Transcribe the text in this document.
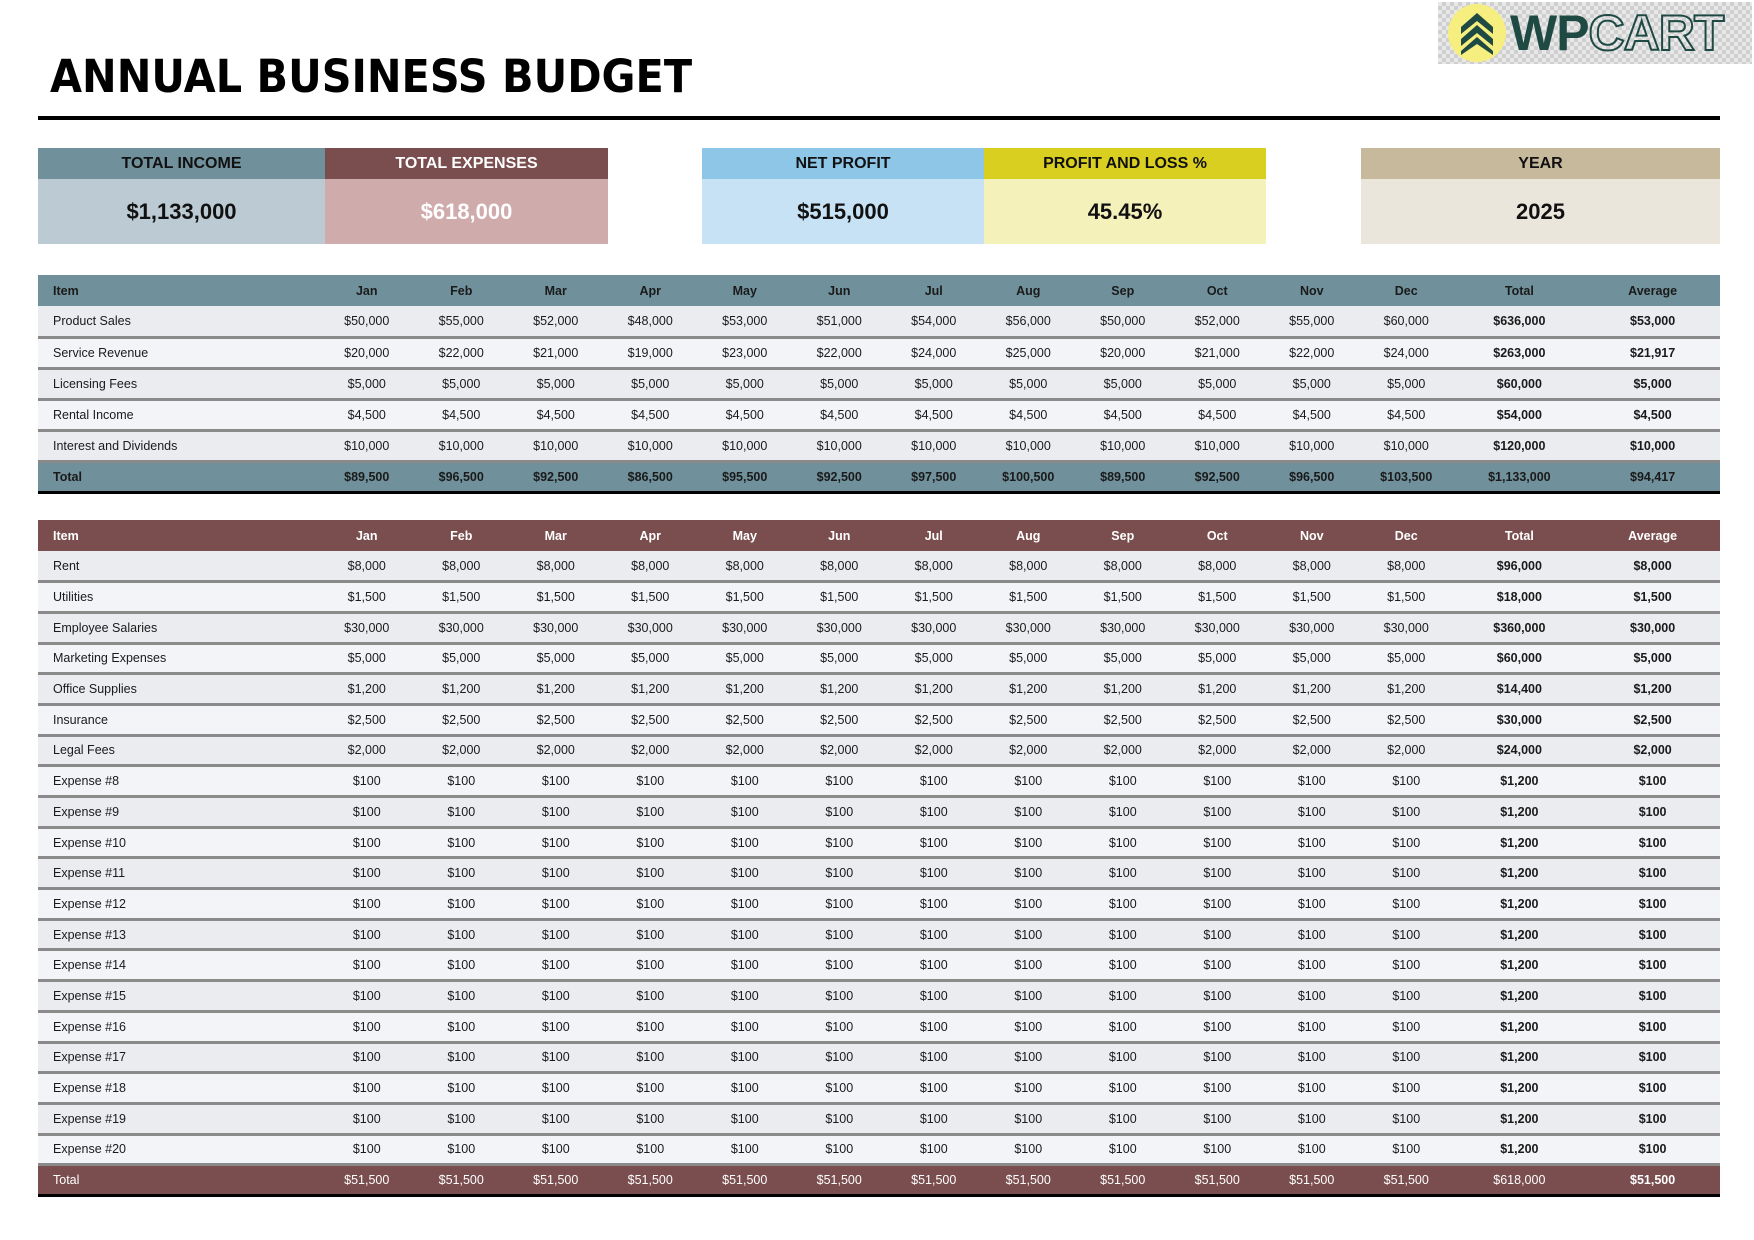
ANNUAL BUSINESS BUDGET
WPCART
TOTAL INCOME
$1,133,000
TOTAL EXPENSES
$618,000
NET PROFIT
$515,000
PROFIT AND LOSS %
45.45%
YEAR
2025
Item	Jan	Feb	Mar	Apr	May	Jun	Jul	Aug	Sep	Oct	Nov	Dec	Total	Average
Product Sales	$50,000	$55,000	$52,000	$48,000	$53,000	$51,000	$54,000	$56,000	$50,000	$52,000	$55,000	$60,000	$636,000	$53,000
Service Revenue	$20,000	$22,000	$21,000	$19,000	$23,000	$22,000	$24,000	$25,000	$20,000	$21,000	$22,000	$24,000	$263,000	$21,917
Licensing Fees	$5,000	$5,000	$5,000	$5,000	$5,000	$5,000	$5,000	$5,000	$5,000	$5,000	$5,000	$5,000	$60,000	$5,000
Rental Income	$4,500	$4,500	$4,500	$4,500	$4,500	$4,500	$4,500	$4,500	$4,500	$4,500	$4,500	$4,500	$54,000	$4,500
Interest and Dividends	$10,000	$10,000	$10,000	$10,000	$10,000	$10,000	$10,000	$10,000	$10,000	$10,000	$10,000	$10,000	$120,000	$10,000
Total	$89,500	$96,500	$92,500	$86,500	$95,500	$92,500	$97,500	$100,500	$89,500	$92,500	$96,500	$103,500	$1,133,000	$94,417
Item	Jan	Feb	Mar	Apr	May	Jun	Jul	Aug	Sep	Oct	Nov	Dec	Total	Average
Rent	$8,000	$8,000	$8,000	$8,000	$8,000	$8,000	$8,000	$8,000	$8,000	$8,000	$8,000	$8,000	$96,000	$8,000
Utilities	$1,500	$1,500	$1,500	$1,500	$1,500	$1,500	$1,500	$1,500	$1,500	$1,500	$1,500	$1,500	$18,000	$1,500
Employee Salaries	$30,000	$30,000	$30,000	$30,000	$30,000	$30,000	$30,000	$30,000	$30,000	$30,000	$30,000	$30,000	$360,000	$30,000
Marketing Expenses	$5,000	$5,000	$5,000	$5,000	$5,000	$5,000	$5,000	$5,000	$5,000	$5,000	$5,000	$5,000	$60,000	$5,000
Office Supplies	$1,200	$1,200	$1,200	$1,200	$1,200	$1,200	$1,200	$1,200	$1,200	$1,200	$1,200	$1,200	$14,400	$1,200
Insurance	$2,500	$2,500	$2,500	$2,500	$2,500	$2,500	$2,500	$2,500	$2,500	$2,500	$2,500	$2,500	$30,000	$2,500
Legal Fees	$2,000	$2,000	$2,000	$2,000	$2,000	$2,000	$2,000	$2,000	$2,000	$2,000	$2,000	$2,000	$24,000	$2,000
Expense #8	$100	$100	$100	$100	$100	$100	$100	$100	$100	$100	$100	$100	$1,200	$100
Expense #9	$100	$100	$100	$100	$100	$100	$100	$100	$100	$100	$100	$100	$1,200	$100
Expense #10	$100	$100	$100	$100	$100	$100	$100	$100	$100	$100	$100	$100	$1,200	$100
Expense #11	$100	$100	$100	$100	$100	$100	$100	$100	$100	$100	$100	$100	$1,200	$100
Expense #12	$100	$100	$100	$100	$100	$100	$100	$100	$100	$100	$100	$100	$1,200	$100
Expense #13	$100	$100	$100	$100	$100	$100	$100	$100	$100	$100	$100	$100	$1,200	$100
Expense #14	$100	$100	$100	$100	$100	$100	$100	$100	$100	$100	$100	$100	$1,200	$100
Expense #15	$100	$100	$100	$100	$100	$100	$100	$100	$100	$100	$100	$100	$1,200	$100
Expense #16	$100	$100	$100	$100	$100	$100	$100	$100	$100	$100	$100	$100	$1,200	$100
Expense #17	$100	$100	$100	$100	$100	$100	$100	$100	$100	$100	$100	$100	$1,200	$100
Expense #18	$100	$100	$100	$100	$100	$100	$100	$100	$100	$100	$100	$100	$1,200	$100
Expense #19	$100	$100	$100	$100	$100	$100	$100	$100	$100	$100	$100	$100	$1,200	$100
Expense #20	$100	$100	$100	$100	$100	$100	$100	$100	$100	$100	$100	$100	$1,200	$100
Total	$51,500	$51,500	$51,500	$51,500	$51,500	$51,500	$51,500	$51,500	$51,500	$51,500	$51,500	$51,500	$618,000	$51,500
